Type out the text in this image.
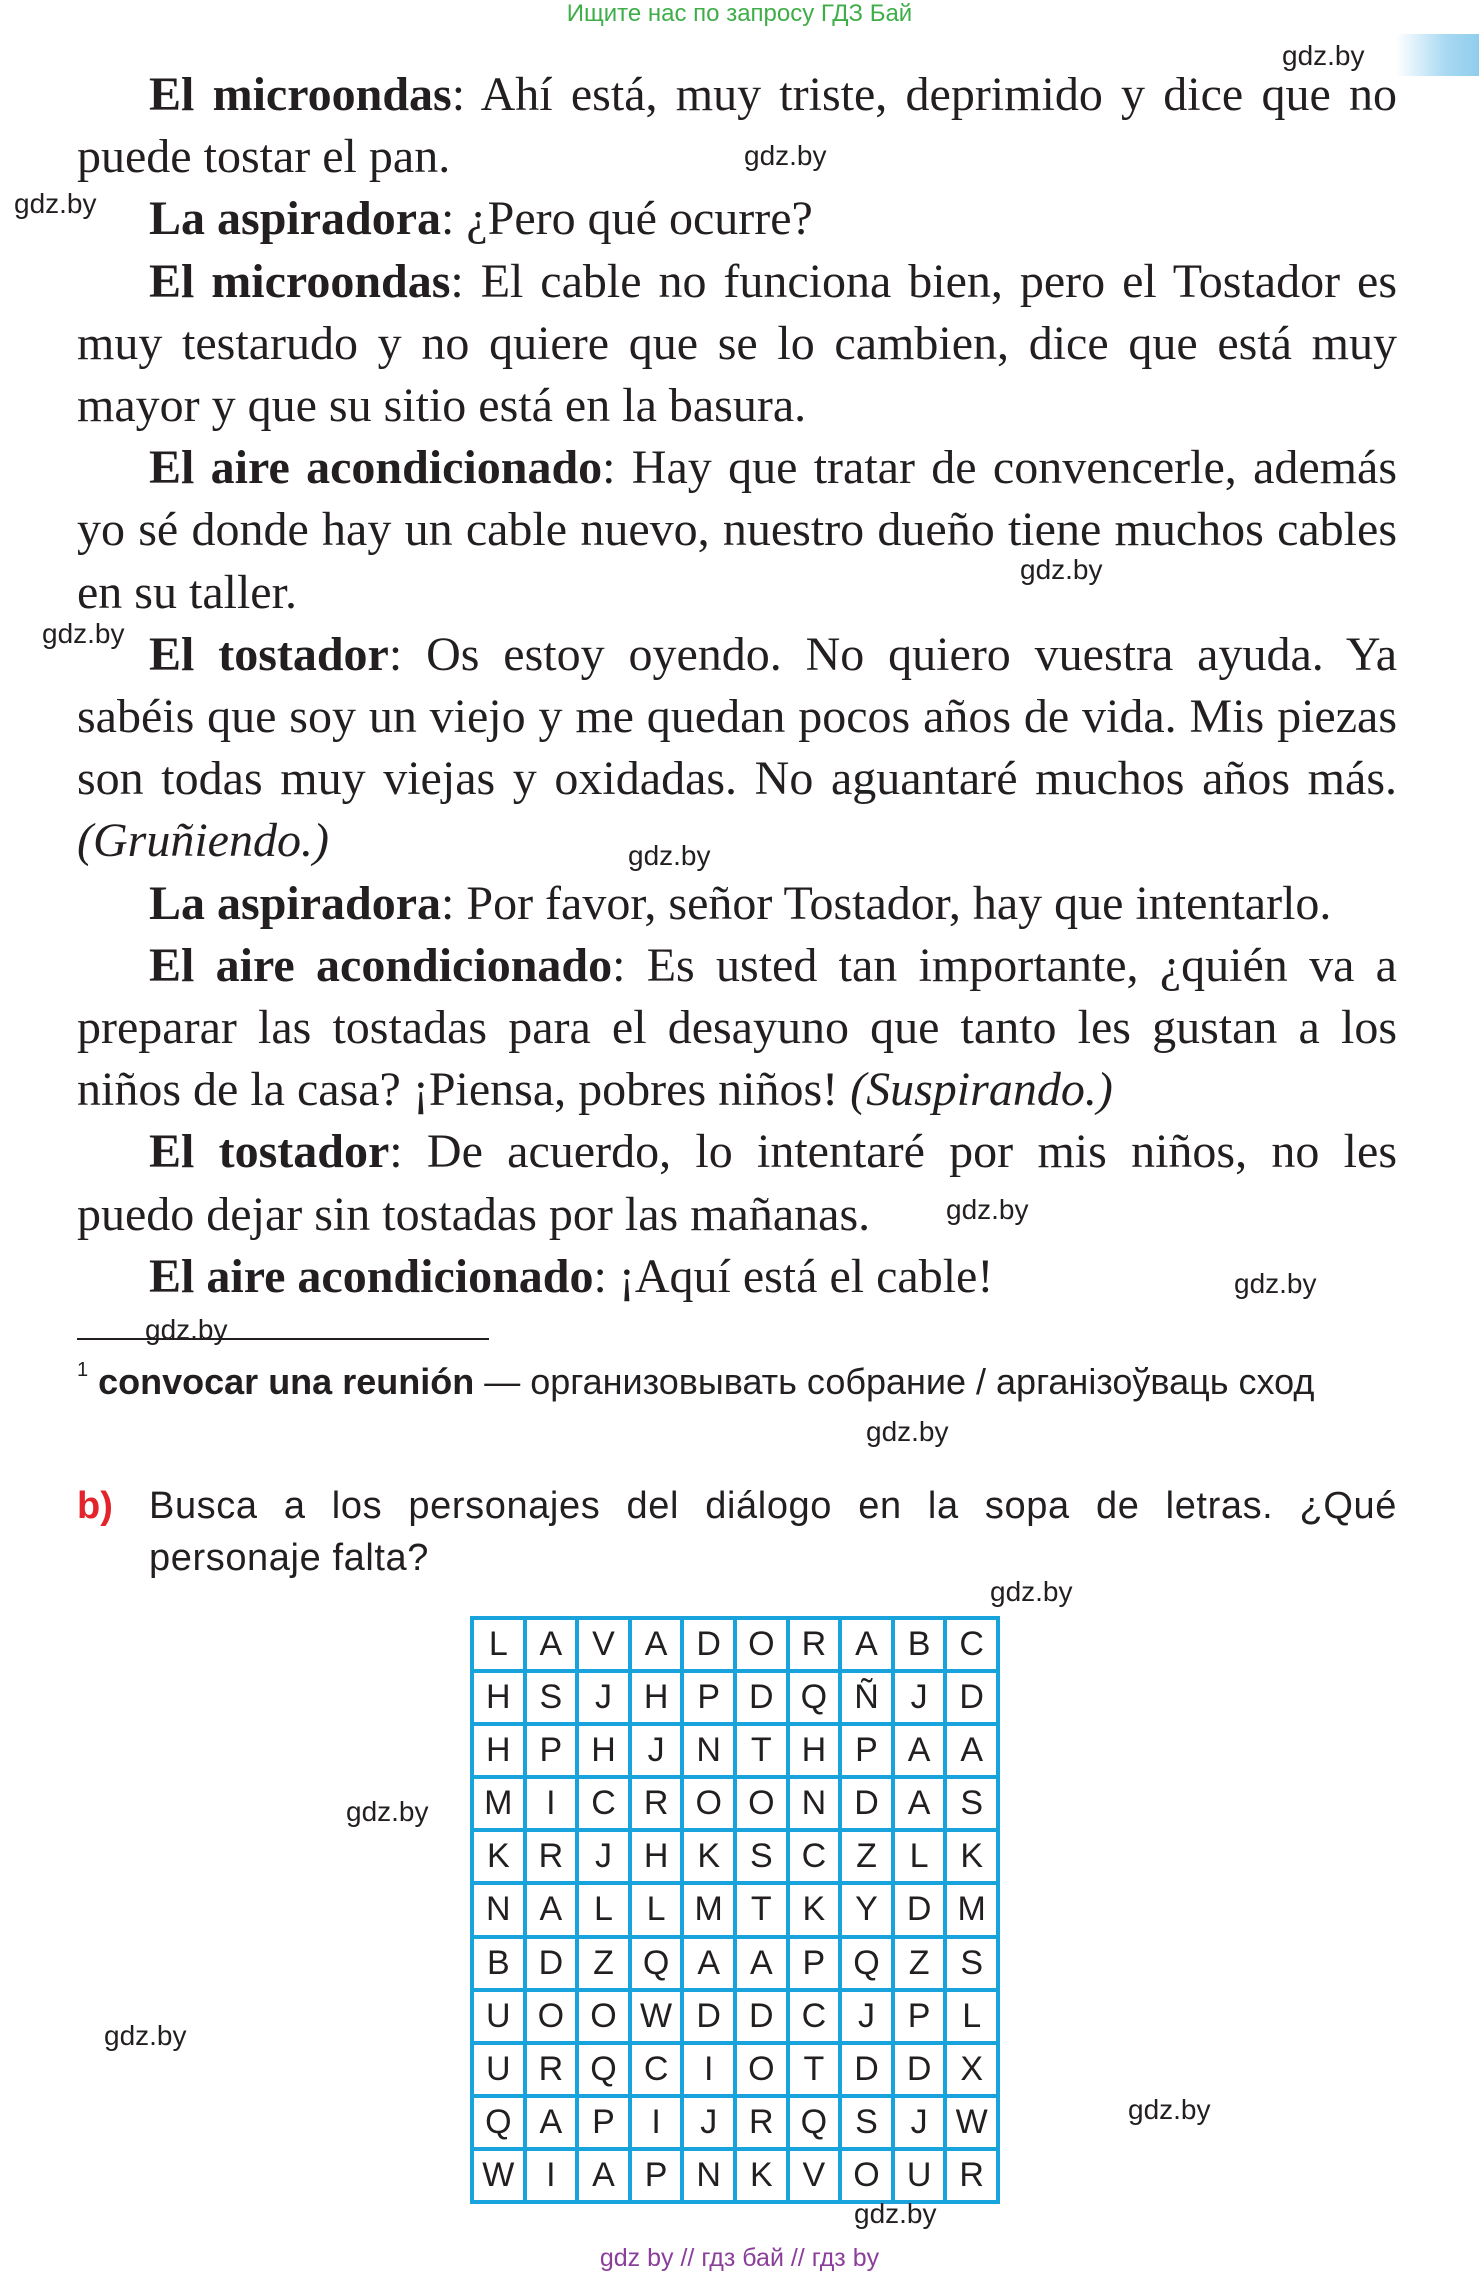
Ищите нас по запросу ГДЗ Бай

El microondas: Ahí está, muy triste, deprimido y dice que no puede tostar el pan.

La aspiradora: ¿Pero qué ocurre?

El microondas: El cable no funciona bien, pero el Tostador es muy testarudo y no quiere que se lo cambien, dice que está muy mayor y que su sitio está en la basura.

El aire acondicionado: Hay que tratar de convencerle, además yo sé donde hay un cable nuevo, nuestro dueño tiene muchos cables en su taller.

El tostador: Os estoy oyendo. No quiero vuestra ayuda. Ya sabéis que soy un viejo y me quedan pocos años de vida. Mis piezas son todas muy viejas y oxidadas. No aguantaré muchos años más. (Gruñiendo.)

La aspiradora: Por favor, señor Tostador, hay que intentarlo.

El aire acondicionado: Es usted tan importante, ¿quién va a preparar las tostadas para el desayuno que tanto les gustan a los niños de la casa? ¡Piensa, pobres niños! (Suspirando.)

El tostador: De acuerdo, lo intentaré por mis niños, no les puedo dejar sin tostadas por las mañanas.

El aire acondicionado: ¡Aquí está el cable!

$^1$ convocar una reunión — организовывать собрание / арганізоўваць сход
b) Busca a los personajes del diálogo en la sopa de letras. ¿Qué personaje falta?
L A V A D O R A B C
H S J H P D Q Ñ J D
H P H J N T H P A A
M I	C R O O N D A S
K R J H K S C Z L K
N A L L M T K Y D M
B D Z Q A A P Q Z S
U O O W D D C J P L
U R Q C	I	O T D D X
Q A P	I	J R Q S J W
W I	A P N K V O U R
gdz.by
gdz.by
gdz.by
gdz.by
gdz.by
gdz.by
gdz.by
gdz.by
gdz.by
gdz.by
gdz.by
gdz.by
gdz.by
gdz.by
gdz.by
gdz by // гдз бай // гдз by
